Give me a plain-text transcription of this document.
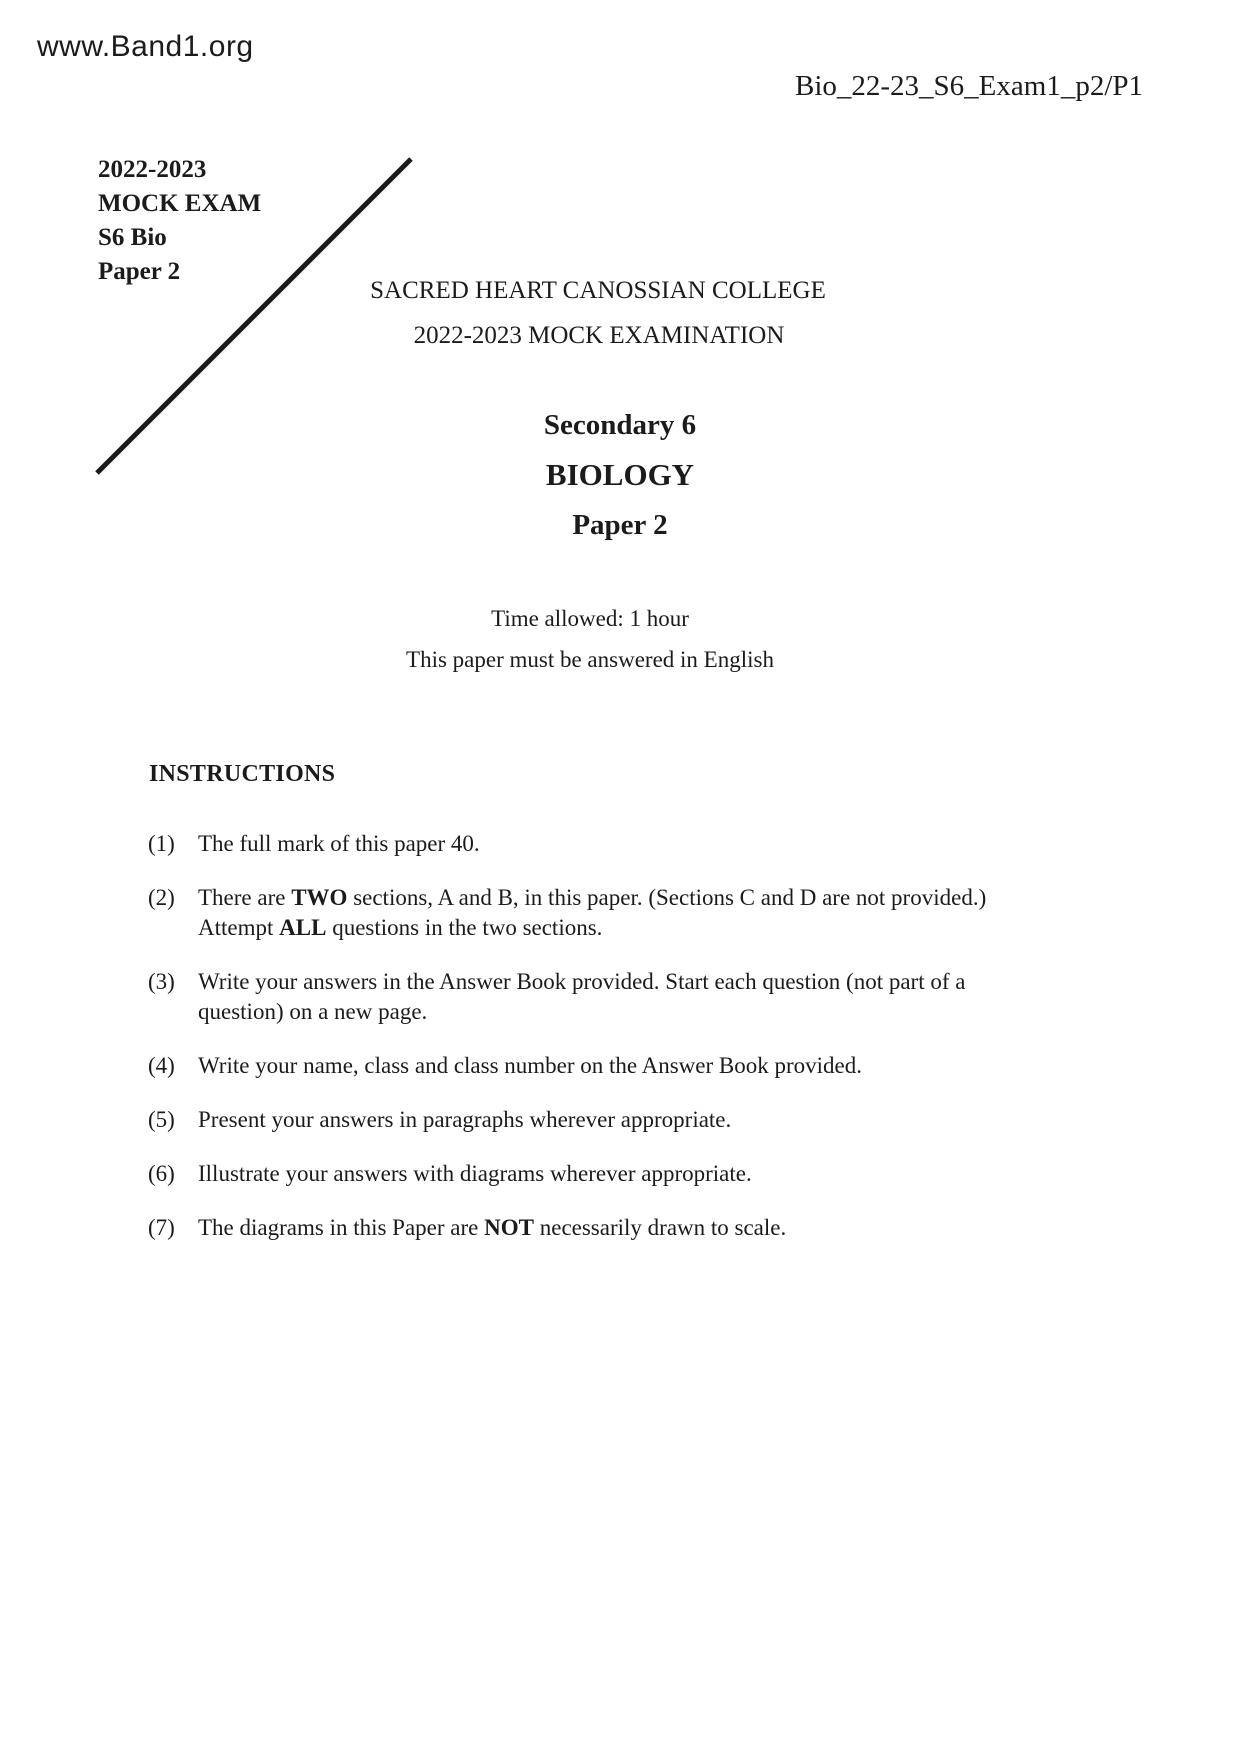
www.Band1.org
Bio_22-23_S6_Exam1_p2/P1
2022-2023
MOCK EXAM
S6 Bio
Paper 2
SACRED HEART CANOSSIAN COLLEGE
2022-2023 MOCK EXAMINATION
Secondary 6
BIOLOGY
Paper 2
Time allowed: 1 hour
This paper must be answered in English
INSTRUCTIONS
(1)	The full mark of this paper 40.
(2)	There are TWO sections, A and B, in this paper. (Sections C and D are not provided.)
Attempt ALL questions in the two sections.
(3)	Write your answers in the Answer Book provided. Start each question (not part of a
question) on a new page.
(4)	Write your name, class and class number on the Answer Book provided.
(5)	Present your answers in paragraphs wherever appropriate.
(6)	Illustrate your answers with diagrams wherever appropriate.
(7)	The diagrams in this Paper are NOT necessarily drawn to scale.
